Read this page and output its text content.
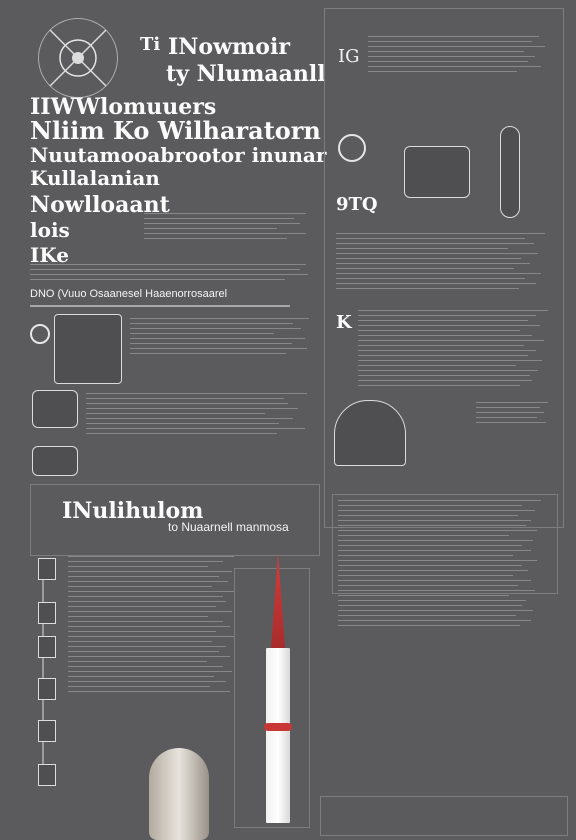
Ti INowmoir
ty Nlumaanll
IIWWlomuuers
Nliim Ko Wilharatorn
Nuutamooabrootor inunar
Kullalanian
Nowlloaant
lois
IKe
DNO (Vuuo Osaanesel Haaenorrosaarel
INulihulom
to Nuaarnell manmosa
IG
9TQ
K
